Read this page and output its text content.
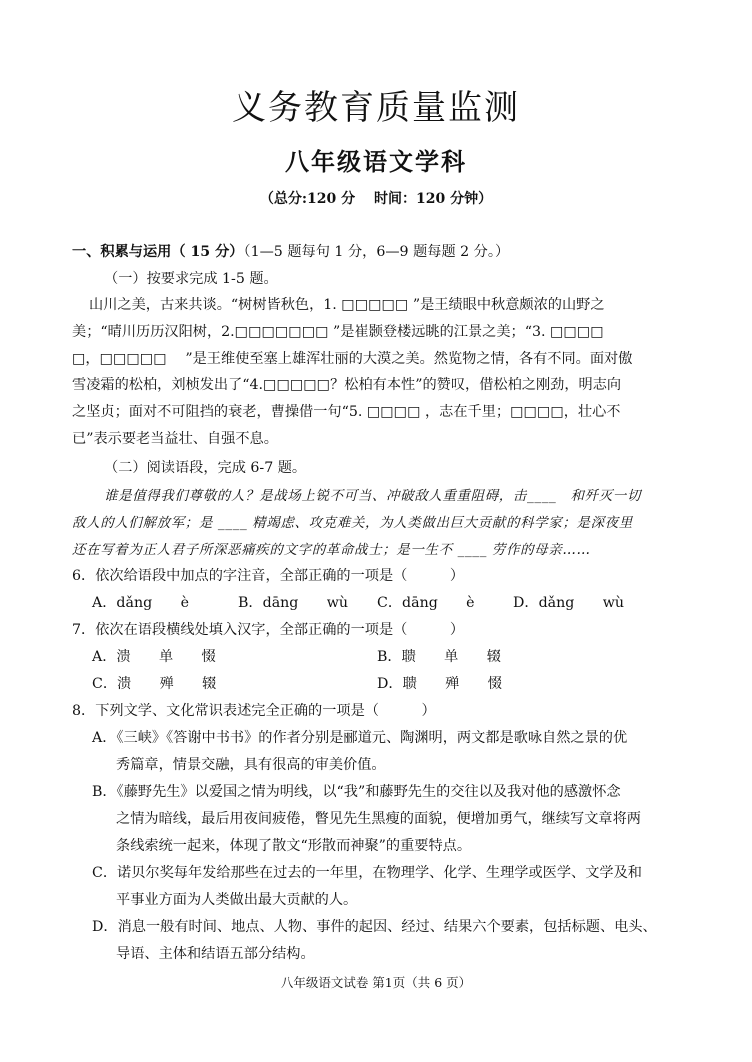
义务教育质量监测
八年级语文学科
（总分:120 分　 时间：120 分钟）
一、积累与运用（ 15 分）（1—5 题每句 1 分，6—9 题每题 2 分。）
（一）按要求完成 1-5 题。
山川之美，古来共谈。“树树皆秋色，1. □□□□□ ”是王绩眼中秋意颇浓的山野之
美；“晴川历历汉阳树，2.□□□□□□□ ”是崔颢登楼远眺的江景之美；“3. □□□□
□，□□□□□　 ”是王维使至塞上雄浑壮丽的大漠之美。然览物之情，各有不同。面对傲
雪凌霜的松柏，刘桢发出了“4.□□□□□？松柏有本性”的赞叹，借松柏之刚劲，明志向
之坚贞；面对不可阻挡的衰老，曹操借一句“5. □□□□ ，志在千里；□□□□，壮心不
已”表示要老当益壮、自强不息。
（二）阅读语段，完成 6-7 题。
谁是值得我们尊敬的人？是战场上锐不可当、冲破敌人重重阻碍，击____　和歼灭一切
敌人的人们解放军；是 ____ 精竭虑、攻克难关，为人类做出巨大贡献的科学家；是深夜里
还在写着为正人君子所深恶痛疾的文字的革命战士；是一生不 ____ 劳作的母亲……
6．依次给语段中加点的字注音，全部正确的一项是（　　　）
A．dǎng　　è	B．dāng　　wù C．dāng　　è	D．dǎng　　wù
7．依次在语段横线处填入汉字，全部正确的一项是（　　　）
A．溃　　单　　惙	B．聩　　单　　辍
C．溃　　殚　　辍	D．聩　　殚　　惙
8．下列文学、文化常识表述完全正确的一项是（　　　）
A．《三峡》《答谢中书书》的作者分别是郦道元、陶渊明，两文都是歌咏自然之景的优
秀篇章，情景交融，具有很高的审美价值。
B．《藤野先生》以爱国之情为明线，以“我”和藤野先生的交往以及我对他的感激怀念
之情为暗线，最后用夜间疲倦，瞥见先生黑瘦的面貌，便增加勇气，继续写文章将两
条线索统一起来，体现了散文“形散而神聚”的重要特点。
C．诺贝尔奖每年发给那些在过去的一年里，在物理学、化学、生理学或医学、文学及和
平事业方面为人类做出最大贡献的人。
D．消息一般有时间、地点、人物、事件的起因、经过、结果六个要素，包括标题、电头、
导语、主体和结语五部分结构。
八年级语文试卷 第1页（共 6 页）
